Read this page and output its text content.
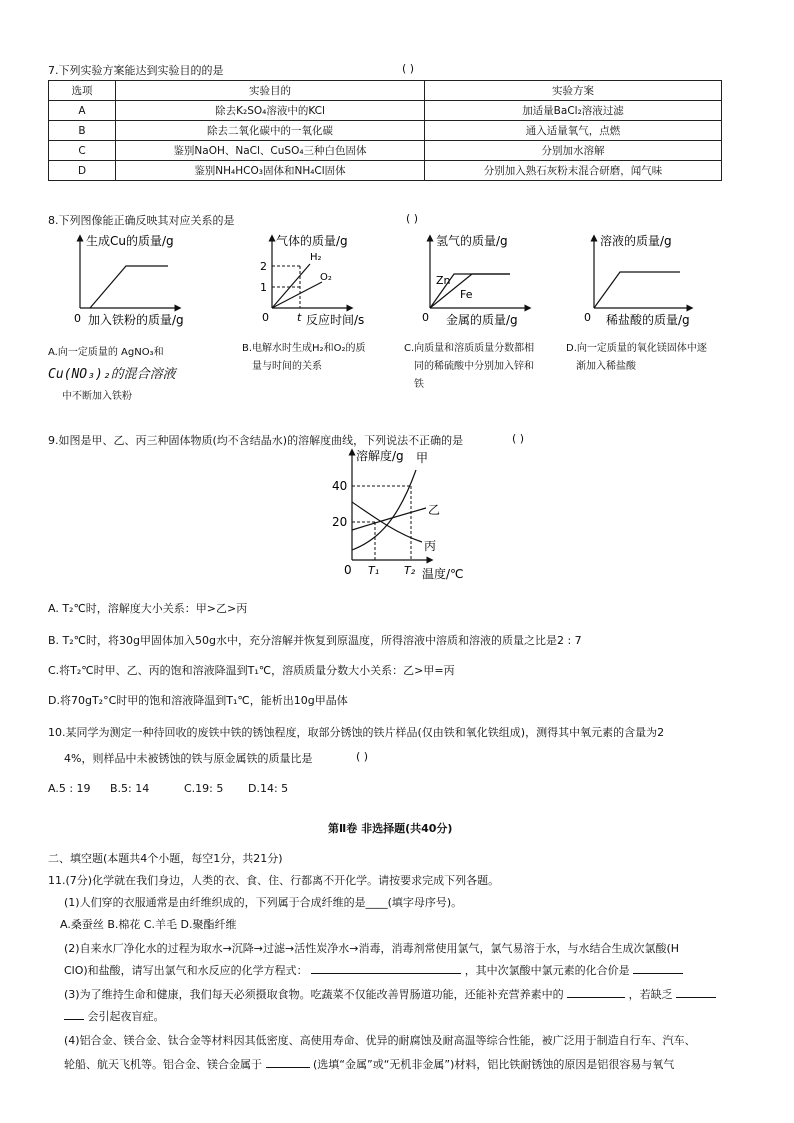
7.下列实验方案能达到实验目的的是	( )
选项	实验目的	实验方案
A	除去K₂SO₄溶液中的KCl	加适量BaCl₂溶液过滤
B	除去二氧化碳中的一氧化碳	通入适量氧气，点燃
C	鉴别NaOH、NaCl、CuSO₄三种白色固体	分别加水溶解
D	鉴别NH₄HCO₃固体和NH₄Cl固体	分别加入熟石灰粉末混合研磨，闻气味
8.下列图像能正确反映其对应关系的是	( )
生成Cu的质量/g
0 加入铁粉的质量/g
气体的质量/g
2
1
H₂
O₂
0	t 反应时间/s
氢气的质量/g
Zn
Fe
0 金属的质量/g
溶液的质量/g
0 稀盐酸的质量/g
A.向一定质量的 AgNO₃和
Cu(NO₃)₂的混合溶液
中不断加入铁粉
B.电解水时生成H₂和O₂的质
量与时间的关系
C.向质量和溶质质量分数都相
同的稀硫酸中分别加入锌和
铁
D.向一定质量的氧化镁固体中逐
渐加入稀盐酸
9.如图是甲、乙、丙三种固体物质(均不含结晶水)的溶解度曲线，下列说法不正确的是	( )
溶解度/g 甲
乙
丙
40
20
0 T₁ T₂ 温度/℃
A. T₂℃时，溶解度大小关系：甲>乙>丙
B. T₂℃时，将30g甲固体加入50g水中，充分溶解并恢复到原温度，所得溶液中溶质和溶液的质量之比是2 : 7
C.将T₂℃时甲、乙、丙的饱和溶液降温到T₁℃，溶质质量分数大小关系：乙>甲=丙
D.将70gT₂°C时甲的饱和溶液降温到T₁℃，能析出10g甲晶体
10.某同学为测定一种待回收的废铁中铁的锈蚀程度，取部分锈蚀的铁片样品(仅由铁和氧化铁组成)，测得其中氧元素的含量为2
4%，则样品中未被锈蚀的铁与原金属铁的质量比是	( )
A.5 : 19 B.5: 14	C.19: 5 D.14: 5
第Ⅱ卷 非选择题(共40分)
二、填空题(本题共4个小题，每空1分，共21分)
11.(7分)化学就在我们身边，人类的衣、食、住、行都离不开化学。请按要求完成下列各题。
(1)人们穿的衣服通常是由纤维织成的，下列属于合成纤维的是____(填字母序号)。
A.桑蚕丝 B.棉花 C.羊毛 D.聚酯纤维
(2)自来水厂净化水的过程为取水→沉降→过滤→活性炭净水→消毒，消毒剂常使用氯气，氯气易溶于水，与水结合生成次氯酸(H
ClO)和盐酸，请写出氯气和水反应的化学方程式：	，其中次氯酸中氯元素的化合价是
(3)为了维持生命和健康，我们每天必须摄取食物。吃蔬菜不仅能改善胃肠道功能，还能补充营养素中的	，若缺乏
会引起夜盲症。
(4)铝合金、镁合金、钛合金等材料因其低密度、高使用寿命、优异的耐腐蚀及耐高温等综合性能，被广泛用于制造自行车、汽车、
轮船、航天飞机等。铝合金、镁合金属于	(选填“金属”或“无机非金属”)材料，铝比铁耐锈蚀的原因是铝很容易与氧气
